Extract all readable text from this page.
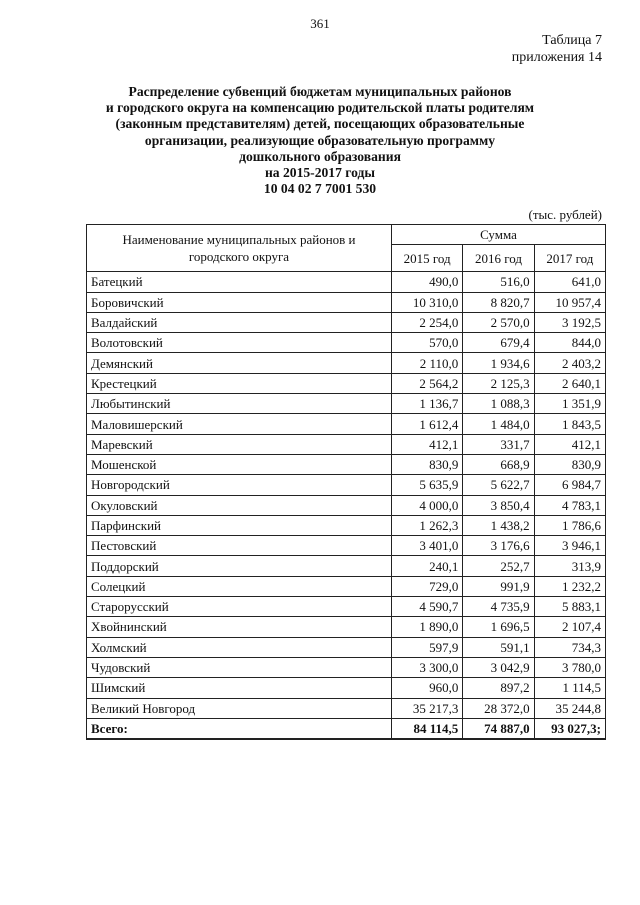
361
Таблица 7
приложения 14
Распределение субвенций бюджетам муниципальных районов
и городского округа на компенсацию родительской платы родителям
(законным представителям) детей, посещающих образовательные
организации, реализующие образовательную программу
дошкольного образования
на 2015-2017 годы
10 04 02 7 7001 530
(тыс. рублей)
Наименование муниципальных районов и городского округа	Сумма		
	2015 год	2016 год	2017 год
Батецкий	490,0	516,0	641,0
Боровичский	10 310,0	8 820,7	10 957,4
Валдайский	2 254,0	2 570,0	3 192,5
Волотовский	570,0	679,4	844,0
Демянский	2 110,0	1 934,6	2 403,2
Крестецкий	2 564,2	2 125,3	2 640,1
Любытинский	1 136,7	1 088,3	1 351,9
Маловишерский	1 612,4	1 484,0	1 843,5
Маревский	412,1	331,7	412,1
Мошенской	830,9	668,9	830,9
Новгородский	5 635,9	5 622,7	6 984,7
Окуловский	4 000,0	3 850,4	4 783,1
Парфинский	1 262,3	1 438,2	1 786,6
Пестовский	3 401,0	3 176,6	3 946,1
Поддорский	240,1	252,7	313,9
Солецкий	729,0	991,9	1 232,2
Старорусский	4 590,7	4 735,9	5 883,1
Хвойнинский	1 890,0	1 696,5	2 107,4
Холмский	597,9	591,1	734,3
Чудовский	3 300,0	3 042,9	3 780,0
Шимский	960,0	897,2	1 114,5
Великий Новгород	35 217,3	28 372,0	35 244,8
Всего:	84 114,5	74 887,0	93 027,3;
